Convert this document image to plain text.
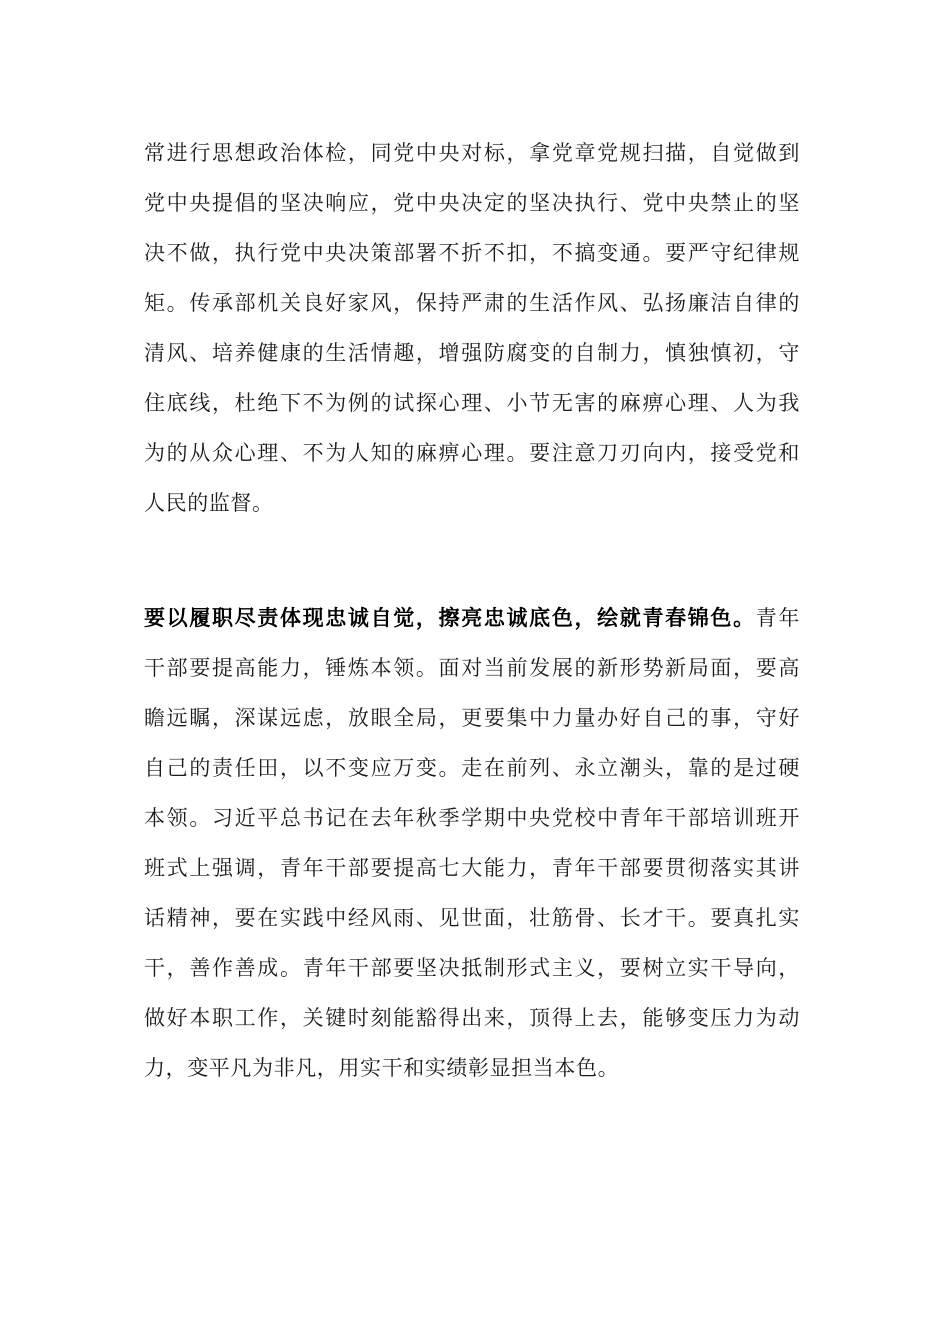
常进行思想政治体检，同党中央对标，拿党章党规扫描，自觉做到
党中央提倡的坚决响应，党中央决定的坚决执行、党中央禁止的坚
决不做，执行党中央决策部署不折不扣，不搞变通。要严守纪律规
矩。传承部机关良好家风，保持严肃的生活作风、弘扬廉洁自律的
清风、培养健康的生活情趣，增强防腐变的自制力，慎独慎初，守
住底线，杜绝下不为例的试探心理、小节无害的麻痹心理、人为我
为的从众心理、不为人知的麻痹心理。要注意刀刃向内，接受党和
人民的监督。

要以履职尽责体现忠诚自觉，擦亮忠诚底色，绘就青春锦色。青年
干部要提高能力，锤炼本领。面对当前发展的新形势新局面，要高
瞻远瞩，深谋远虑，放眼全局，更要集中力量办好自己的事，守好
自己的责任田，以不变应万变。走在前列、永立潮头，靠的是过硬
本领。习近平总书记在去年秋季学期中央党校中青年干部培训班开
班式上强调，青年干部要提高七大能力，青年干部要贯彻落实其讲
话精神，要在实践中经风雨、见世面，壮筋骨、长才干。要真扎实
干，善作善成。青年干部要坚决抵制形式主义，要树立实干导向，
做好本职工作，关键时刻能豁得出来，顶得上去，能够变压力为动
力，变平凡为非凡，用实干和实绩彰显担当本色。
